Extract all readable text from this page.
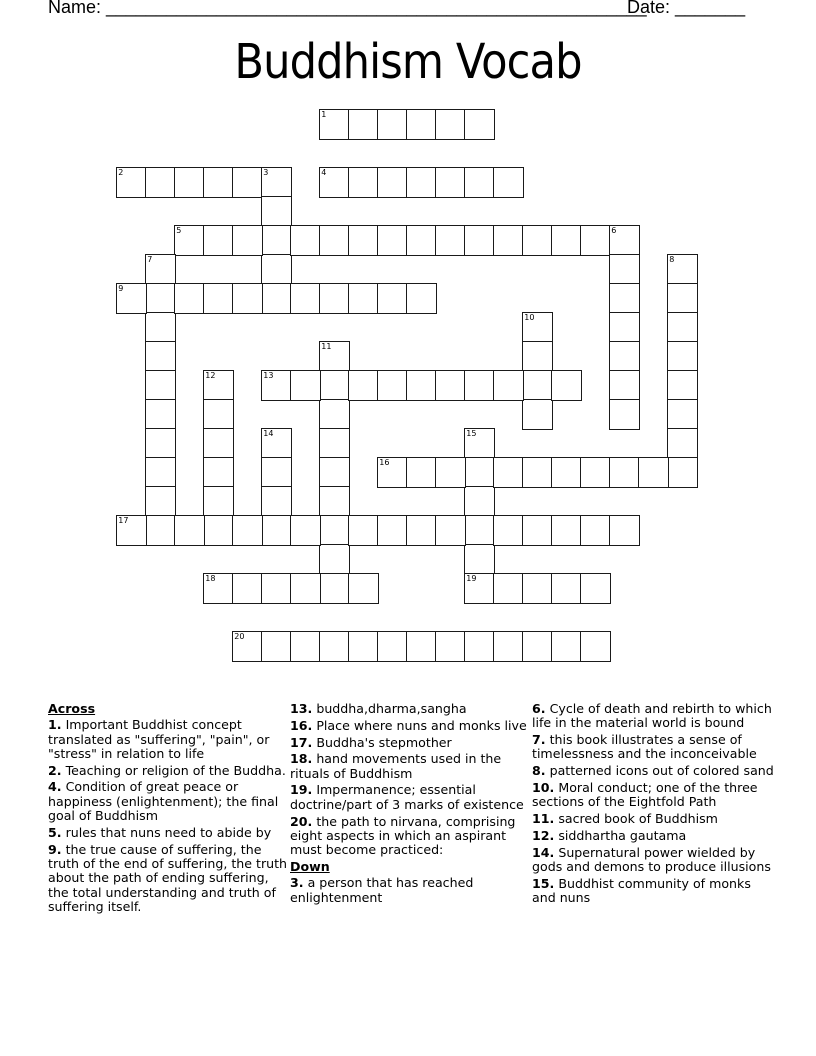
Name: ______________________________________________________
Date: _______
Buddhism Vocab
1
2	3	4
5	6
7	8
9
10
11
12	13
14	15
19
16
17
18
20
Across
1. Important Buddhist concept translated as "suffering", "pain", or "stress" in relation to life
2. Teaching or religion of the Buddha.
4. Condition of great peace or happiness (enlightenment); the final goal of Buddhism
5. rules that nuns need to abide by
9. the true cause of suffering, the truth of the end of suffering, the truth about the path of ending suffering, the total understanding and truth of suffering itself.
13. buddha,dharma,sangha
16. Place where nuns and monks live
17. Buddha's stepmother
18. hand movements used in the rituals of Buddhism
19. Impermanence; essential doctrine/part of 3 marks of existence
20. the path to nirvana, comprising eight aspects in which an aspirant must become practiced:
Down
3. a person that has reached enlightenment
6. Cycle of death and rebirth to which life in the material world is bound
7. this book illustrates a sense of timelessness and the inconceivable
8. patterned icons out of colored sand
10. Moral conduct; one of the three sections of the Eightfold Path
11. sacred book of Buddhism
12. siddhartha gautama
14. Supernatural power wielded by gods and demons to produce illusions
15. Buddhist community of monks and nuns
